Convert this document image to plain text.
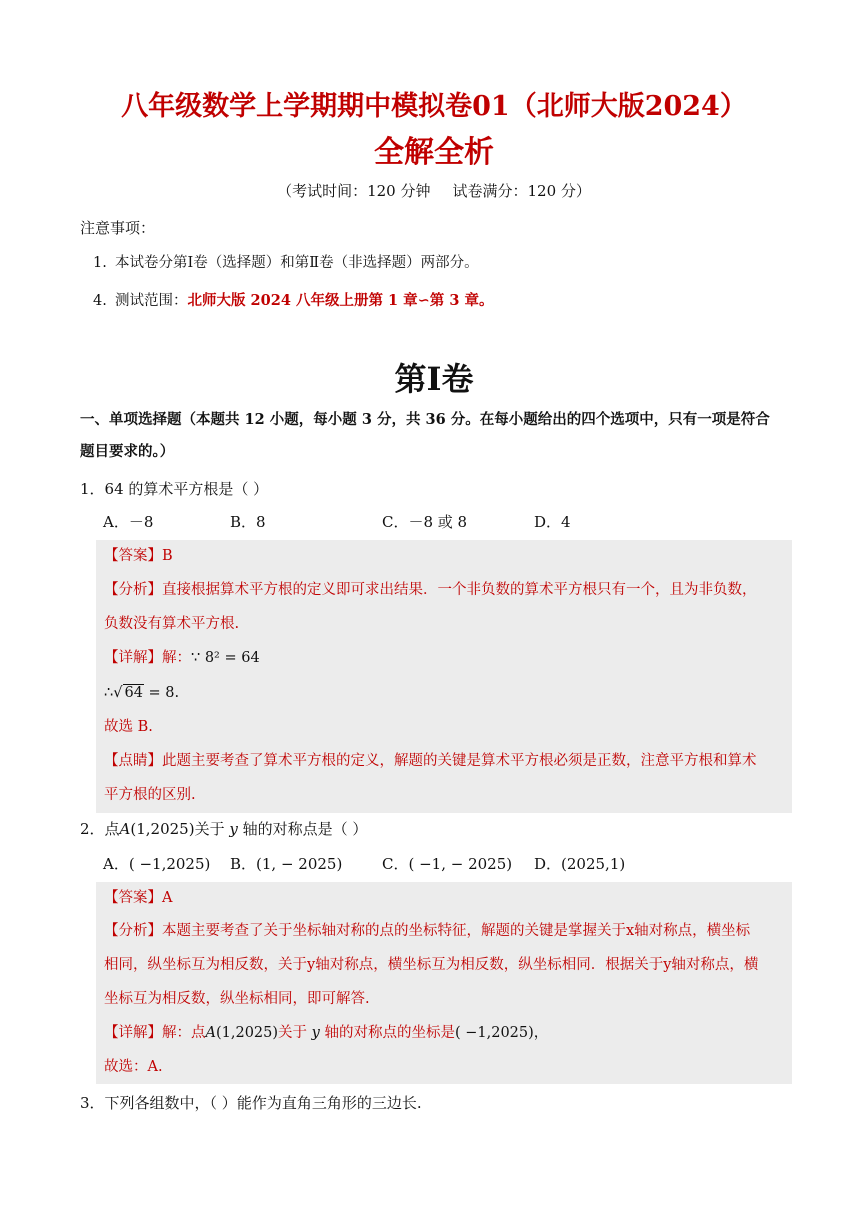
八年级数学上学期期中模拟卷01（北师大版2024）
全解全析
（考试时间：120 分钟 试卷满分：120 分）
注意事项：
1. 本试卷分第Ⅰ卷（选择题）和第Ⅱ卷（非选择题）两部分。
4. 测试范围：北师大版 2024 八年级上册第 1 章∽第 3 章。
第Ⅰ卷
一、单项选择题（本题共 12 小题，每小题 3 分，共 36 分。在每小题给出的四个选项中，只有一项是符合
题目要求的。）
1．64 的算术平方根是（ ）
A．－8	B．8	C．－8 或 8	D．4
【答案】B
【分析】直接根据算术平方根的定义即可求出结果．一个非负数的算术平方根只有一个，且为非负数，
负数没有算术平方根.
【详解】解：∵ 8² = 64
∴√ 64 = 8.
故选 B.
【点睛】此题主要考查了算术平方根的定义，解题的关键是算术平方根必须是正数，注意平方根和算术
平方根的区别.
2．点A(1,2025)关于 y 轴的对称点是（ ）
A．( −1,2025) B．(1, − 2025)	C．( −1, − 2025) D．(2025,1)
【答案】A
【分析】本题主要考查了关于坐标轴对称的点的坐标特征，解题的关键是掌握关于x轴对称点，横坐标
相同，纵坐标互为相反数，关于y轴对称点，横坐标互为相反数，纵坐标相同．根据关于y轴对称点，横
坐标互为相反数，纵坐标相同，即可解答.
【详解】解：点A(1,2025)关于 y 轴的对称点的坐标是( −1,2025)，
故选：A.
3．下列各组数中，（ ）能作为直角三角形的三边长.
